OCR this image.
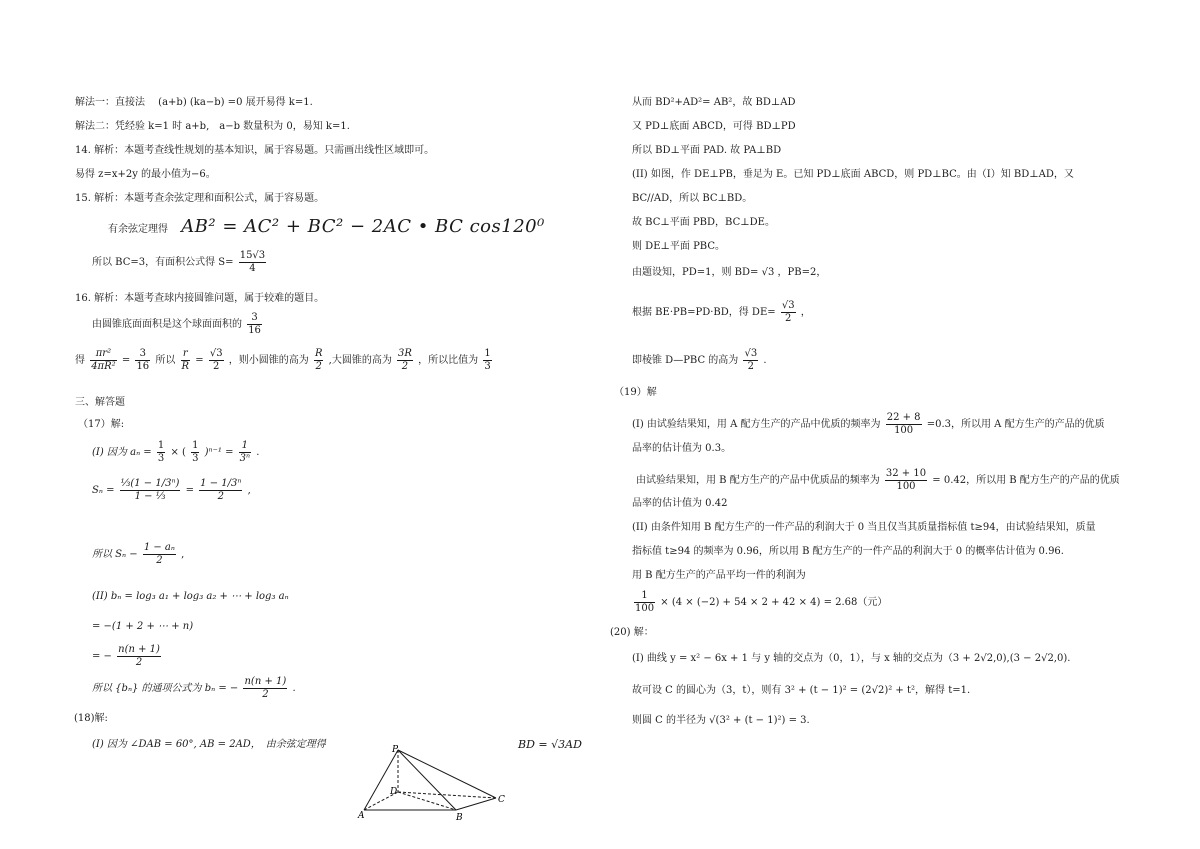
解法一：直接法　 (a+b) (ka−b) =0 展开易得 k=1.
解法二：凭经验 k=1 时 a+b,　a−b 数量积为 0，易知 k=1.
14. 解析：本题考查线性规划的基本知识，属于容易题。只需画出线性区域即可。
易得 z=x+2y 的最小值为−6。
15. 解析：本题考查余弦定理和面积公式，属于容易题。
有余弦定理得 AB² = AC² + BC² − 2AC • BC cos120⁰
所以 BC=3，有面积公式得 $S= \frac{15√3}{4}$
16. 解析：本题考查球内接圆锥问题，属于较难的题目。
由圆锥底面面积是这个球面面积的 $\frac{3}{16}$
得 $\frac{\text{πr²}}{\text{4πR²}} = \frac{3}{16}$ 所以 $\frac{r}{R} = \frac{√3}{2}$ ，则小圆锥的高为 $\frac{R}{2}$ ,大圆锥的高为 $\frac{3R}{2}$ ，所以比值为 $\frac{1}{3}$
三、解答题
（17）解:
(I) 因为 $a_n = \frac{1}{3}$ × ( $\frac{1}{3} )^{n-1} = \frac{1}{\text{3ⁿ}}$ .
$S_n = \frac{\text{⅓(1 − 1/3ⁿ)}}{\text{1 − ⅓}} = \frac{\text{1 − 1/3ⁿ}}{2}$ ,
所以 $S_n - \frac{\text{1 − aₙ}}{2}$ ,
(II) bₙ = log₃ a₁ + log₃ a₂ + ⋯ + log₃ aₙ
= −(1 + 2 + ⋯ + n)
= − $\frac{n(n + 1)}{2}$
所以 {bₙ} 的通项公式为 bₙ = − $\frac{n(n + 1)}{2}$ .
(18)解:
(I) 因为 ∠DAB = 60°, AB = 2AD，　由余弦定理得	BD = √3AD
P
D
A	B
C
从而 BD²+AD²= AB²，故 BD⊥AD
又 PD⊥底面 ABCD，可得 BD⊥PD
所以 BD⊥平面 PAD. 故 PA⊥BD
(II) 如图，作 DE⊥PB，垂足为 E。已知 PD⊥底面 ABCD，则 PD⊥BC。由（I）知 BD⊥AD，又
BC//AD，所以 BC⊥BD。
故 BC⊥平面 PBD，BC⊥DE。
则 DE⊥平面 PBC。
由题设知，PD=1，则 BD= √3 ，PB=2，
根据 BE·PB=PD·BD，得 $DE= \frac{√3}{2}$ ，
即棱锥 D—PBC 的高为 $\frac{√3}{2}$ .
（19）解
(I) 由试验结果知，用 A 配方生产的产品中优质的频率为 $\frac{22 + 8}{100} =0.3$，所以用 A 配方生产的产品的优质
品率的估计值为 0.3。
由试验结果知，用 B 配方生产的产品中优质品的频率为 $\frac{32 + 10}{100} = 0.42$，所以用 B 配方生产的产品的优质
品率的估计值为 0.42
(II) 由条件知用 B 配方生产的一件产品的利润大于 0 当且仅当其质量指标值 t≥94，由试验结果知，质量
指标值 t≥94 的频率为 0.96，所以用 B 配方生产的一件产品的利润大于 0 的概率估计值为 0.96.
用 B 配方生产的产品平均一件的利润为
$\frac{1}{100} \times (4 \times (-2) + 54 \times 2 + 42 \times 4) = 2.68$（元）
(20) 解：
(I) 曲线 y = x² − 6x + 1 与 y 轴的交点为（0，1），与 x 轴的交点为（3 + 2√2,0),(3 − 2√2,0).
故可设 C 的圆心为（3，t），则有 3² + (t − 1)² = (2√2)² + t²，解得 t=1.
则圆 C 的半径为 √(3² + (t − 1)²) = 3.
